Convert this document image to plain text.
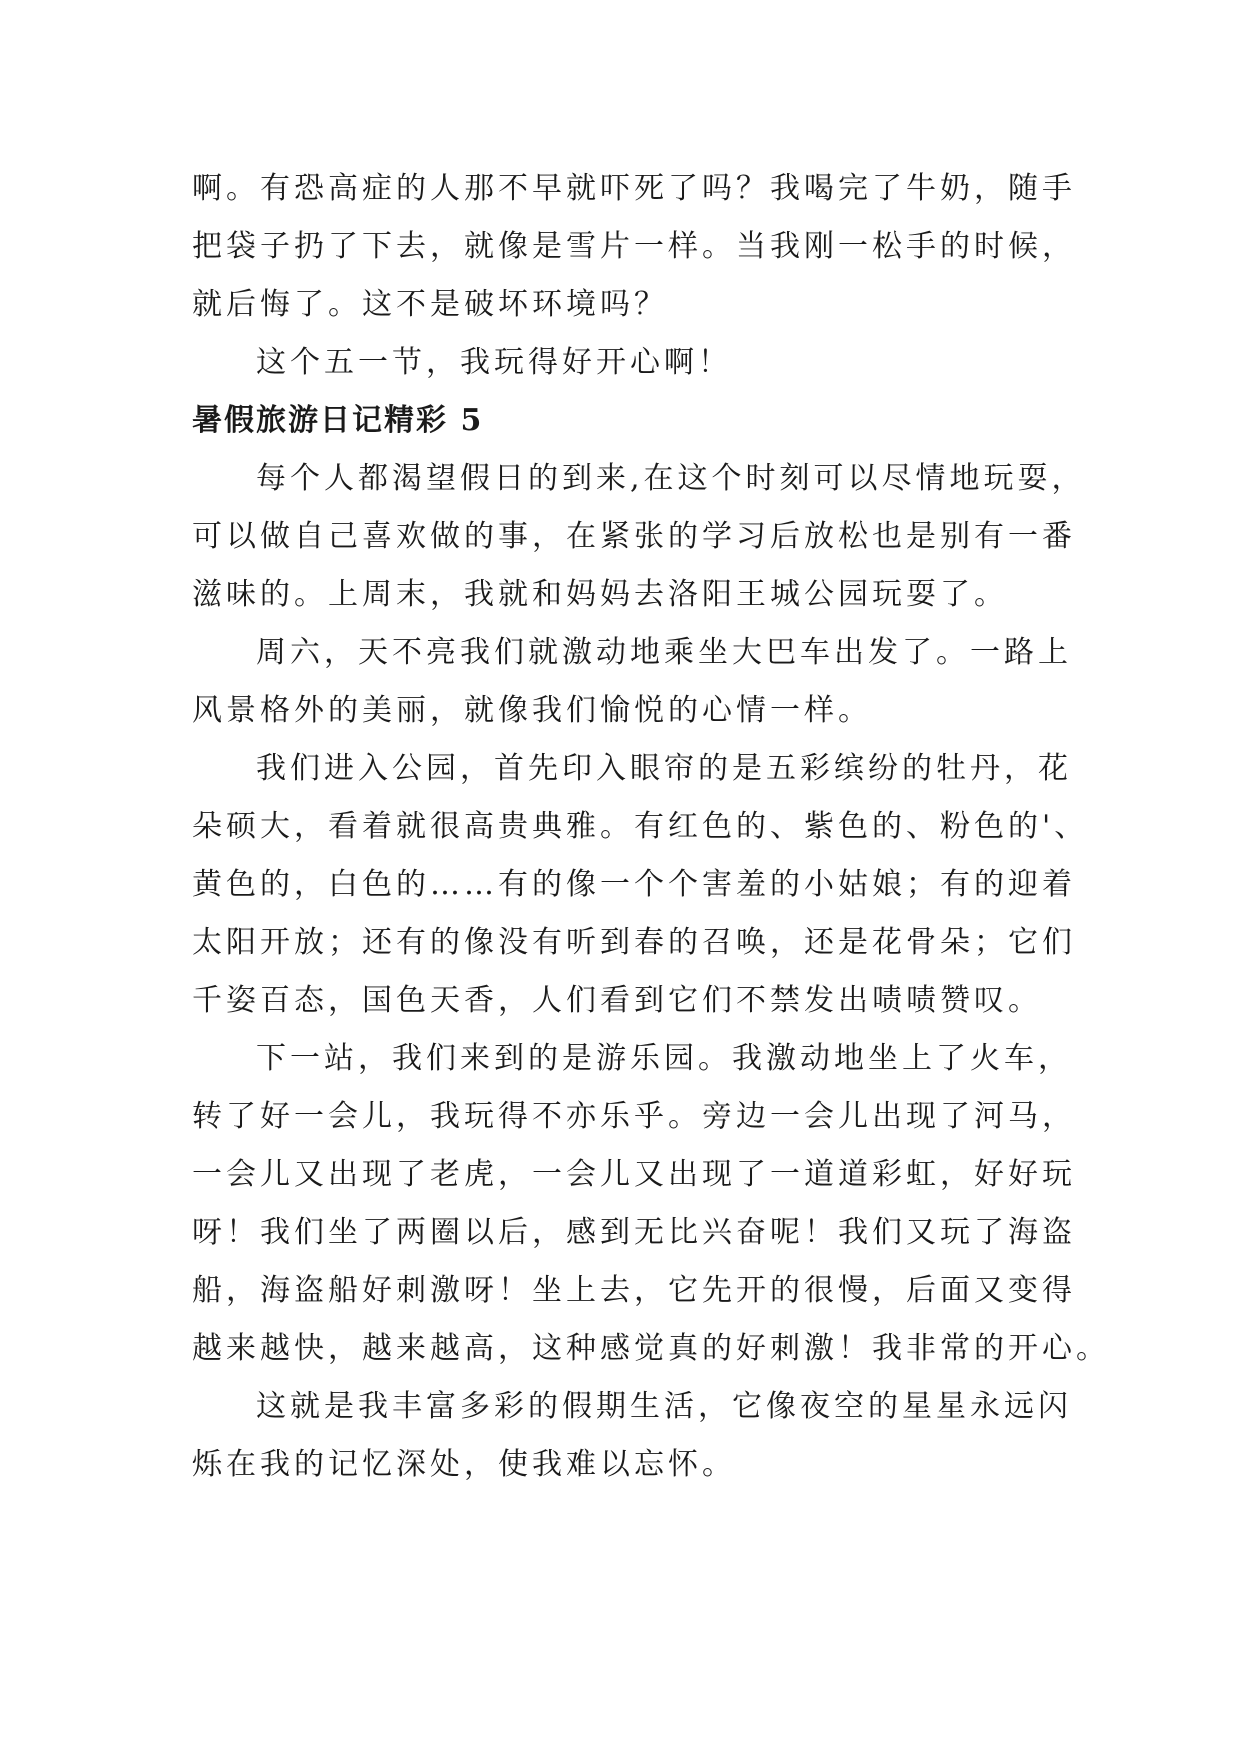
啊。有恐高症的人那不早就吓死了吗？我喝完了牛奶，随手
把袋子扔了下去，就像是雪片一样。当我刚一松手的时候，
就后悔了。这不是破坏环境吗？

这个五一节，我玩得好开心啊！

暑假旅游日记精彩 5

每个人都渴望假日的到来,在这个时刻可以尽情地玩耍，
可以做自己喜欢做的事，在紧张的学习后放松也是别有一番
滋味的。上周末，我就和妈妈去洛阳王城公园玩耍了。

周六，天不亮我们就激动地乘坐大巴车出发了。一路上
风景格外的美丽，就像我们愉悦的心情一样。

我们进入公园，首先印入眼帘的是五彩缤纷的牡丹，花
朵硕大，看着就很高贵典雅。有红色的、紫色的、粉色的'、
黄色的，白色的……有的像一个个害羞的小姑娘；有的迎着
太阳开放；还有的像没有听到春的召唤，还是花骨朵；它们
千姿百态，国色天香，人们看到它们不禁发出啧啧赞叹。

下一站，我们来到的是游乐园。我激动地坐上了火车，
转了好一会儿，我玩得不亦乐乎。旁边一会儿出现了河马，
一会儿又出现了老虎，一会儿又出现了一道道彩虹，好好玩
呀！我们坐了两圈以后，感到无比兴奋呢！我们又玩了海盗
船，海盗船好刺激呀！坐上去，它先开的很慢，后面又变得
越来越快，越来越高，这种感觉真的好刺激！我非常的开心。

这就是我丰富多彩的假期生活，它像夜空的星星永远闪
烁在我的记忆深处，使我难以忘怀。
